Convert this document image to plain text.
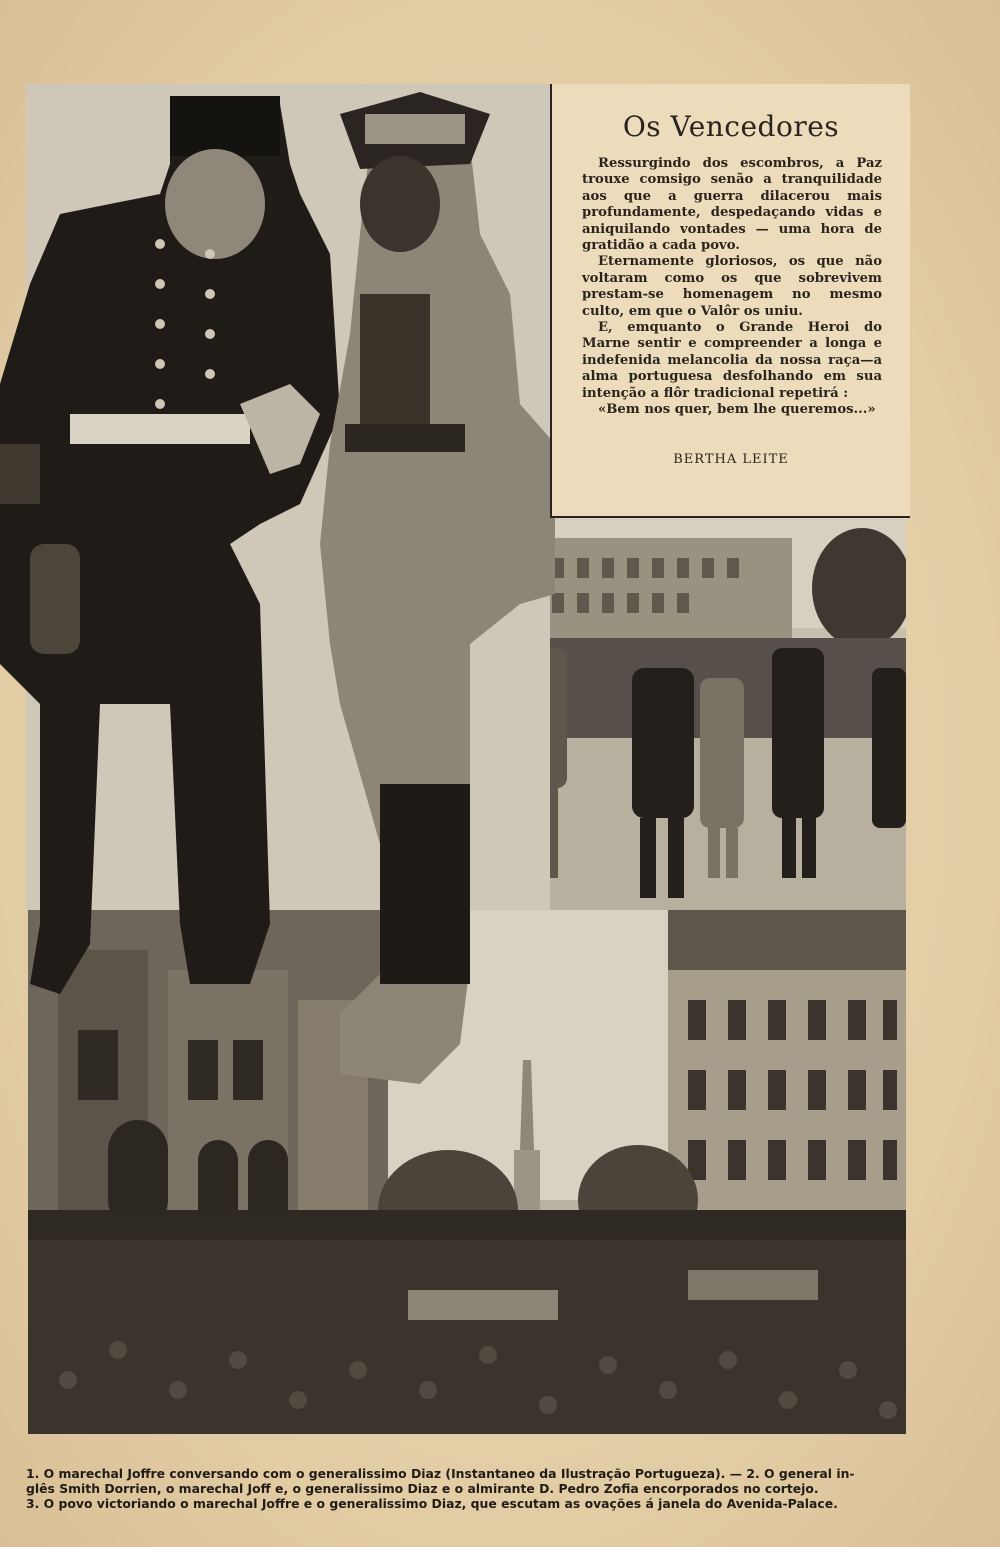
Os Vencedores

Ressurgindo dos escombros, a Paz trouxe comsigo senão a tranquilidade aos que a guerra dilacerou mais profundamente, despedaçando vidas e aniquilando vontades — uma hora de gratidão a cada povo.

Eternamente gloriosos, os que não voltaram como os que sobrevivem prestam-se homenagem no mesmo culto, em que o Valôr os uniu.

E, emquanto o Grande Heroi do Marne sentir e compreender a longa e indefenida melancolia da nossa raça—a alma portuguesa desfolhando em sua intenção a flôr tradicional repetirá :

«Bem nos quer, bem lhe queremos...»

BERTHA LEITE
1. O marechal Joffre conversando com o generalissimo Diaz (Instantaneo da Ilustração Portugueza). — 2. O general in-
glês Smith Dorrien, o marechal Joff e, o generalissimo Diaz e o almirante D. Pedro Zofia encorporados no cortejo.
3. O povo victoriando o marechal Joffre e o generalissimo Diaz, que escutam as ovações á janela do Avenida-Palace.
